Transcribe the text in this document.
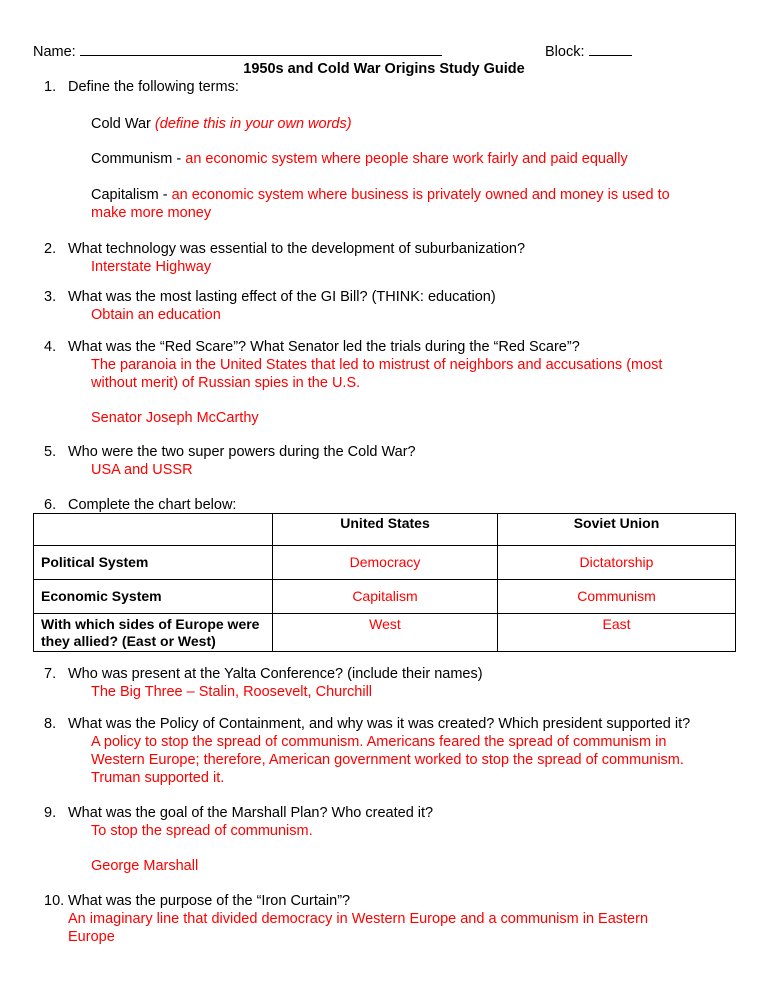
Name:	Block:
1950s and Cold War Origins Study Guide
1. Define the following terms:
Cold War (define this in your own words)
Communism - an economic system where people share work fairly and paid equally
Capitalism - an economic system where business is privately owned and money is used to
make more money
2. What technology was essential to the development of suburbanization?
Interstate Highway
3. What was the most lasting effect of the GI Bill? (THINK: education)
Obtain an education
4. What was the “Red Scare”? What Senator led the trials during the “Red Scare”?
The paranoia in the United States that led to mistrust of neighbors and accusations (most
without merit) of Russian spies in the U.S.
Senator Joseph McCarthy
5. Who were the two super powers during the Cold War?
USA and USSR
6. Complete the chart below:
	United States	Soviet Union
Political System	Democracy	Dictatorship
Economic System	Capitalism	Communism
With which sides of Europe were they allied? (East or West)	West	East
7. Who was present at the Yalta Conference? (include their names)
The Big Three – Stalin, Roosevelt, Churchill
8. What was the Policy of Containment, and why was it was created? Which president supported it?
A policy to stop the spread of communism. Americans feared the spread of communism in
Western Europe; therefore, American government worked to stop the spread of communism.
Truman supported it.
9. What was the goal of the Marshall Plan? Who created it?
To stop the spread of communism.
George Marshall
10. What was the purpose of the “Iron Curtain”?
An imaginary line that divided democracy in Western Europe and a communism in Eastern
Europe
